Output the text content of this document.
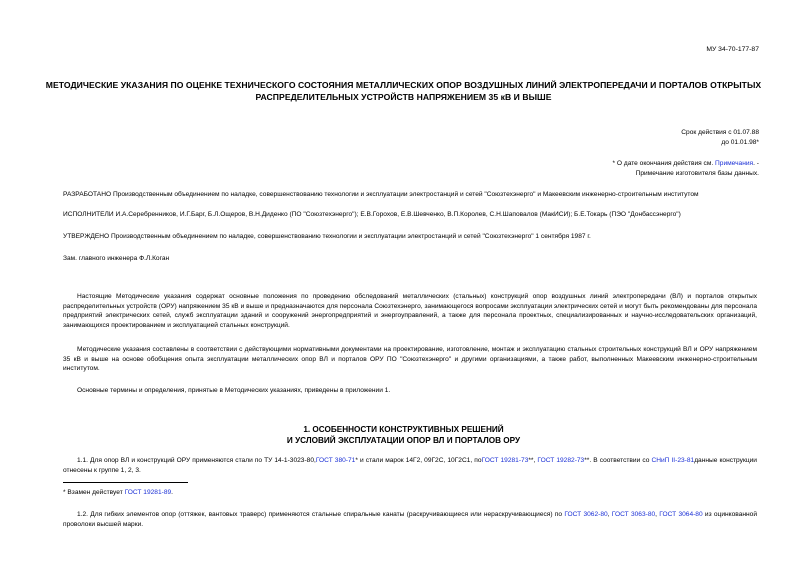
МУ 34-70-177-87
МЕТОДИЧЕСКИЕ УКАЗАНИЯ ПО ОЦЕНКЕ ТЕХНИЧЕСКОГО СОСТОЯНИЯ МЕТАЛЛИЧЕСКИХ ОПОР ВОЗДУШНЫХ ЛИНИЙ ЭЛЕКТРОПЕРЕДАЧИ И ПОРТАЛОВ ОТКРЫТЫХ
РАСПРЕДЕЛИТЕЛЬНЫХ УСТРОЙСТВ НАПРЯЖЕНИЕМ 35 кВ И ВЫШЕ
Срок действия с 01.07.88
до 01.01.98*
* О дате окончания действия см. Примечания. -
Примечание изготовителя базы данных.
РАЗРАБОТАНО Производственным объединением по наладке, совершенствованию технологии и эксплуатации электростанций и сетей "Союзтехэнерго" и Макеевским инженерно-строительным институтом
ИСПОЛНИТЕЛИ И.А.Серебренников, И.Г.Барг, Б.Л.Ощеров, В.Н.Диденко (ПО "Союзтехэнерго"); Е.В.Горохов, Е.В.Шевченко, В.П.Королев, С.Н.Шаповалов (МакИСИ); Б.Е.Токарь (ПЭО "Донбассэнерго")
УТВЕРЖДЕНО Производственным объединением по наладке, совершенствованию технологии и эксплуатации электростанций и сетей "Союзтехэнерго" 1 сентября 1987 г.
Зам. главного инженера Ф.Л.Коган
Настоящие Методические указания содержат основные положения по проведению обследований металлических (стальных) конструкций опор воздушных линий электропередачи (ВЛ) и порталов открытых распределительных устройств (ОРУ) напряжением 35 кВ и выше и предназначаются для персонала Союзтехэнерго, занимающегося вопросами эксплуатации электрических сетей и могут быть рекомендованы для персонала предприятий электрических сетей, служб эксплуатации зданий и сооружений энергопредприятий и энергоуправлений, а также для персонала проектных, специализированных и научно-исследовательских организаций, занимающихся проектированием и эксплуатацией стальных конструкций.
Методические указания составлены в соответствии с действующими нормативными документами на проектирование, изготовление, монтаж и эксплуатацию стальных строительных конструкций ВЛ и ОРУ напряжением 35 кВ и выше на основе обобщения опыта эксплуатации металлических опор ВЛ и порталов ОРУ ПО "Союзтехэнерго" и другими организациями, а также работ, выполненных Макеевским инженерно-строительным институтом.
Основные термины и определения, принятые в Методических указаниях, приведены в приложении 1.
1. ОСОБЕННОСТИ КОНСТРУКТИВНЫХ РЕШЕНИЙ
И УСЛОВИЙ ЭКСПЛУАТАЦИИ ОПОР ВЛ И ПОРТАЛОВ ОРУ
1.1. Для опор ВЛ и конструкций ОРУ применяются стали по ТУ 14-1-3023-80,ГОСТ 380-71* и стали марок 14Г2, 09Г2С, 10Г2С1, поГОСТ 19281-73**, ГОСТ 19282-73**. В соответствии со СНиП II-23-81данные конструкции отнесены к группе 1, 2, 3.
* Взамен действует ГОСТ 19281-89.
1.2. Для гибких элементов опор (оттяжек, вантовых траверс) применяются стальные спиральные канаты (раскручивающиеся или нераскручивающиеся) по ГОСТ 3062-80, ГОСТ 3063-80, ГОСТ 3064-80 из оцинкованной проволоки высшей марки.
